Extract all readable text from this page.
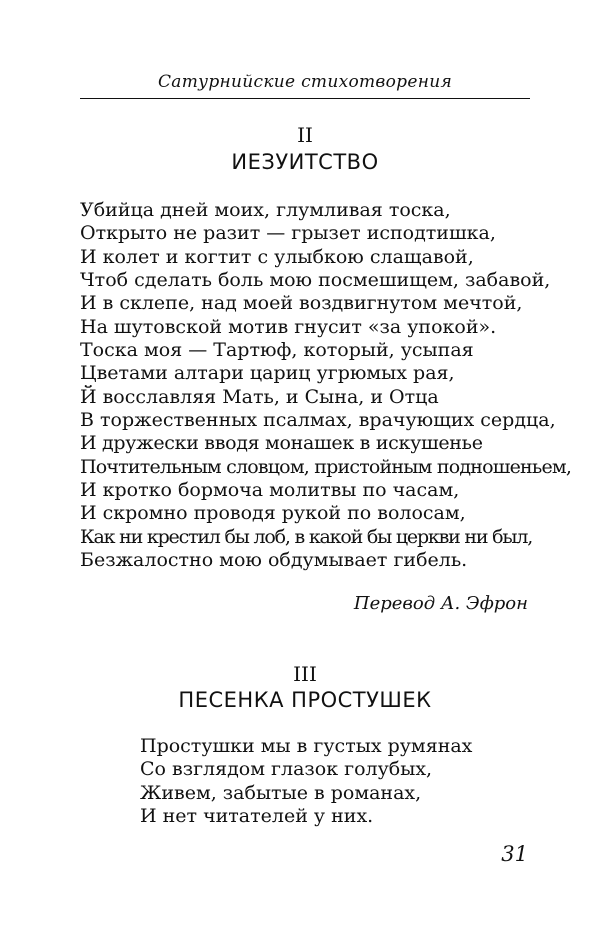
Сатурнийские стихотворения
II
ИЕЗУИТСТВО
Убийца дней моих, глумливая тоска,
Открыто не разит — грызет исподтишка,
И колет и когтит с улыбкою слащавой,
Чтоб сделать боль мою посмешищем, забавой,
И в склепе, над моей воздвигнутом мечтой,
На шутовской мотив гнусит «за упокой».
Тоска моя — Тартюф, который, усыпая
Цветами алтари цариц угрюмых рая,
Й восславляя Мать, и Сына, и Отца
В торжественных псалмах, врачующих сердца,
И дружески вводя монашек в искушенье
Почтительным словцом, пристойным подношеньем,
И кротко бормоча молитвы по часам,
И скромно проводя рукой по волосам,
Как ни крестил бы лоб, в какой бы церкви ни был,
Безжалостно мою обдумывает гибель.
Перевод А. Эфрон
III
ПЕСЕНКА ПРОСТУШЕК
Простушки мы в густых румянах
Со взглядом глазок голубых,
Живем, забытые в романах,
И нет читателей у них.
31
